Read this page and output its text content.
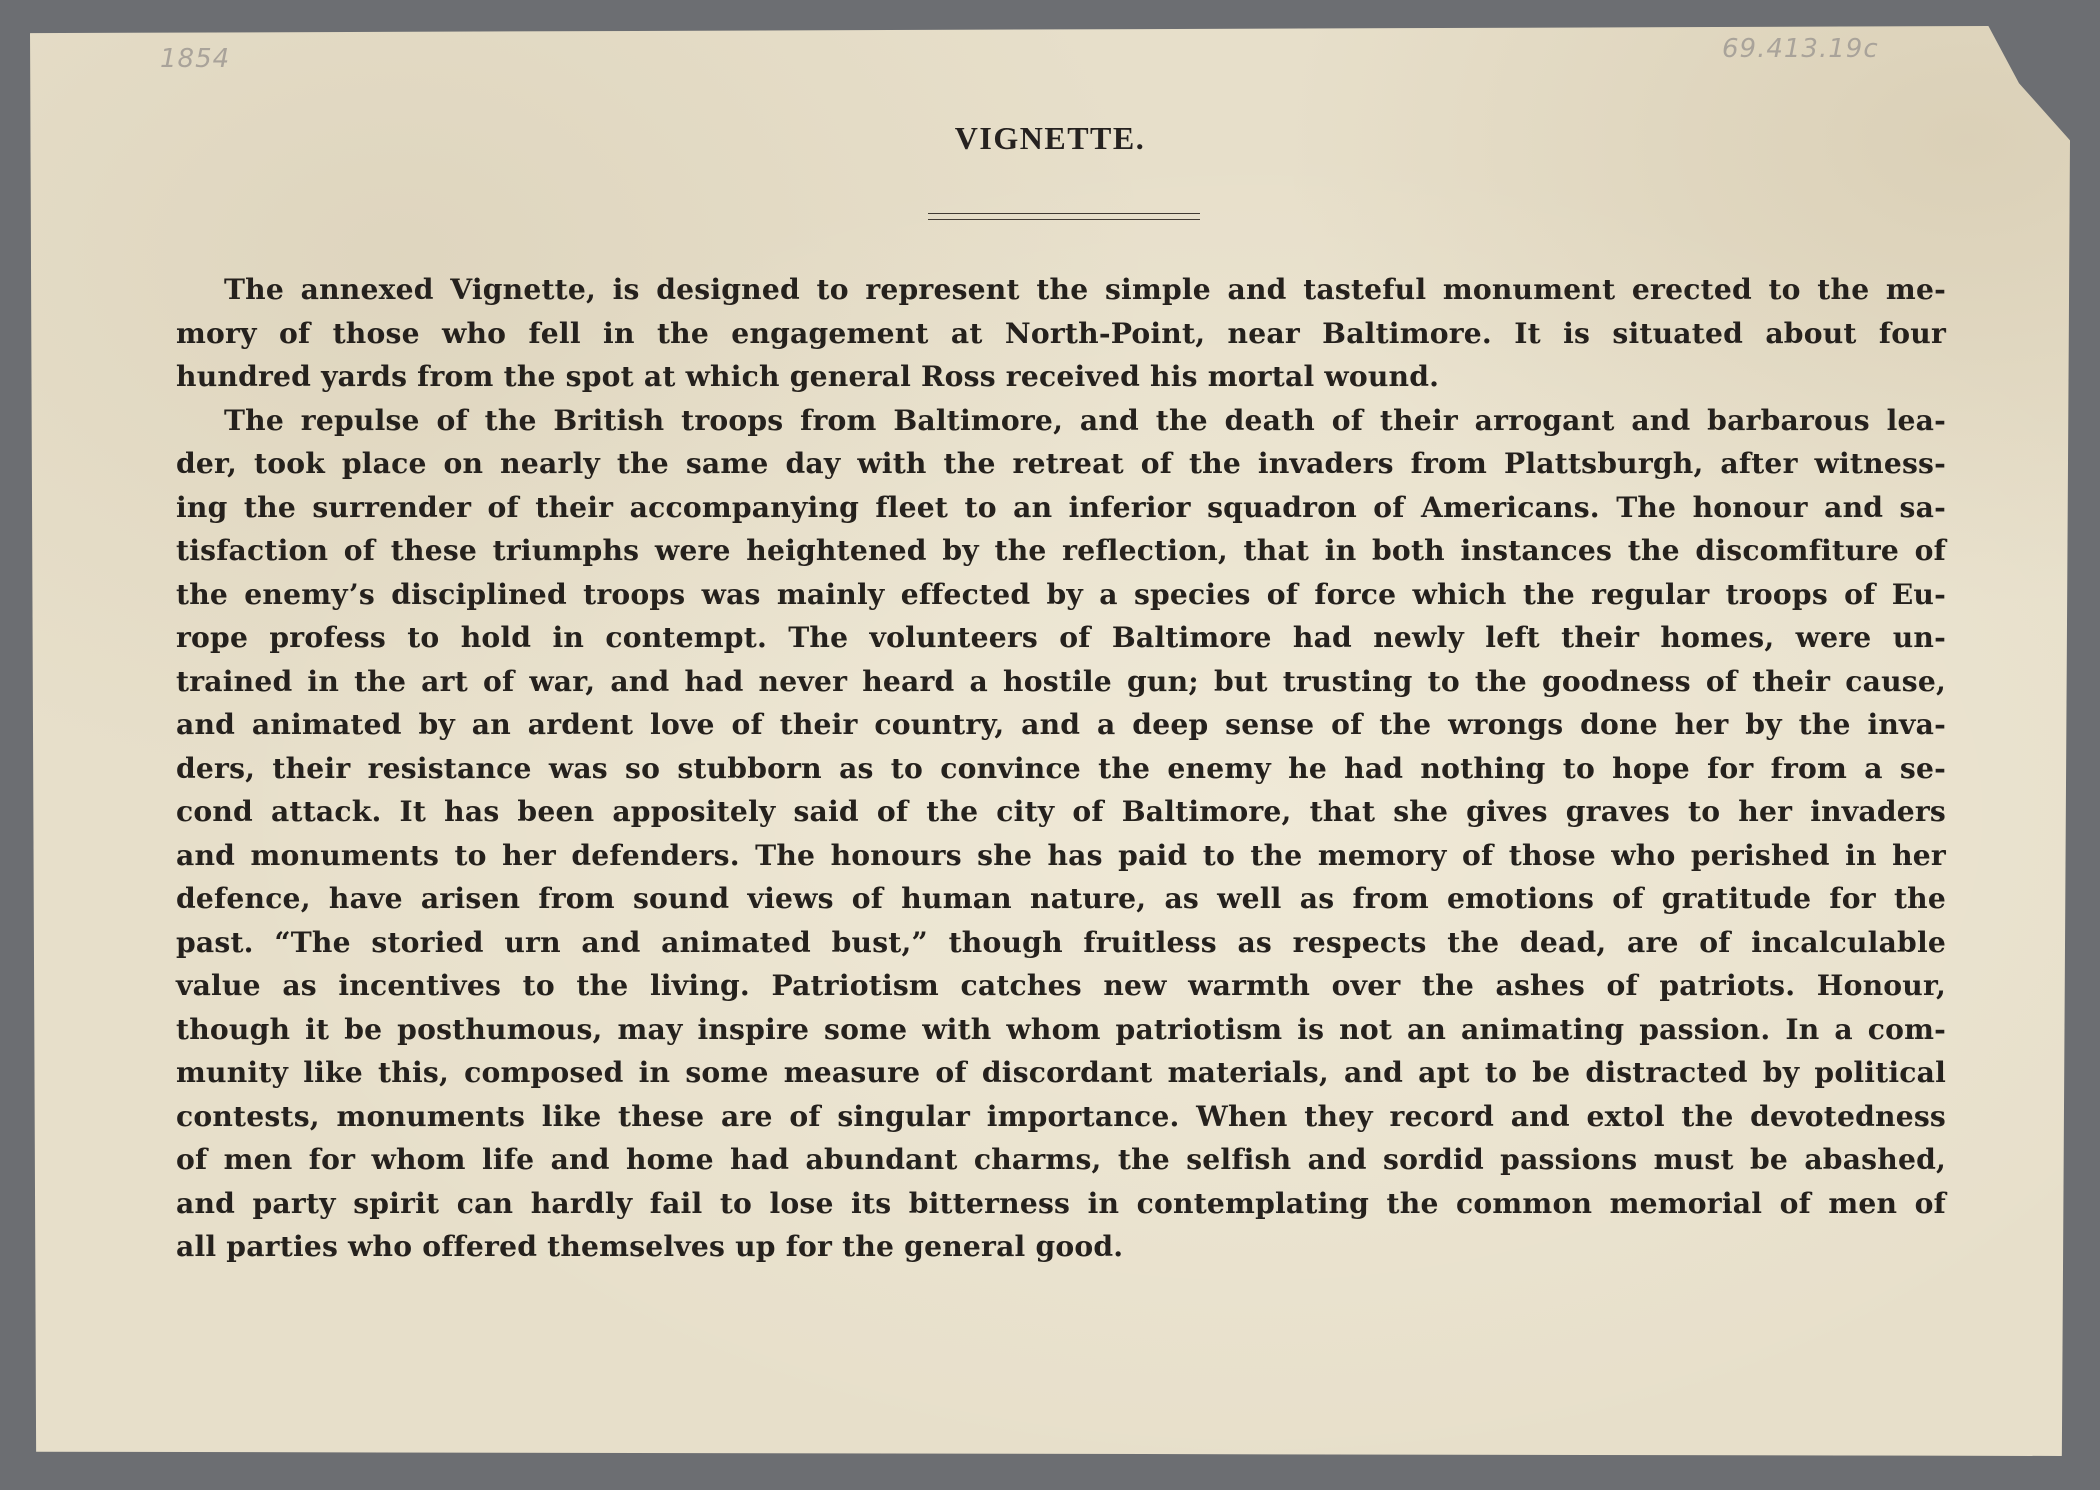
1854	69.413.19c
VIGNETTE.
The annexed Vignette, is designed to represent the simple and tasteful monument erected to the me-
mory of those who fell in the engagement at North-Point, near Baltimore. It is situated about four
hundred yards from the spot at which general Ross received his mortal wound.
The repulse of the British troops from Baltimore, and the death of their arrogant and barbarous lea-
der, took place on nearly the same day with the retreat of the invaders from Plattsburgh, after witness-
ing the surrender of their accompanying fleet to an inferior squadron of Americans. The honour and sa-
tisfaction of these triumphs were heightened by the reflection, that in both instances the discomfiture of
the enemy’s disciplined troops was mainly effected by a species of force which the regular troops of Eu-
rope profess to hold in contempt. The volunteers of Baltimore had newly left their homes, were un-
trained in the art of war, and had never heard a hostile gun; but trusting to the goodness of their cause,
and animated by an ardent love of their country, and a deep sense of the wrongs done her by the inva-
ders, their resistance was so stubborn as to convince the enemy he had nothing to hope for from a se-
cond attack. It has been appositely said of the city of Baltimore, that she gives graves to her invaders
and monuments to her defenders. The honours she has paid to the memory of those who perished in her
defence, have arisen from sound views of human nature, as well as from emotions of gratitude for the
past. “The storied urn and animated bust,” though fruitless as respects the dead, are of incalculable
value as incentives to the living. Patriotism catches new warmth over the ashes of patriots. Honour,
though it be posthumous, may inspire some with whom patriotism is not an animating passion. In a com-
munity like this, composed in some measure of discordant materials, and apt to be distracted by political
contests, monuments like these are of singular importance. When they record and extol the devotedness
of men for whom life and home had abundant charms, the selfish and sordid passions must be abashed,
and party spirit can hardly fail to lose its bitterness in contemplating the common memorial of men of
all parties who offered themselves up for the general good.
